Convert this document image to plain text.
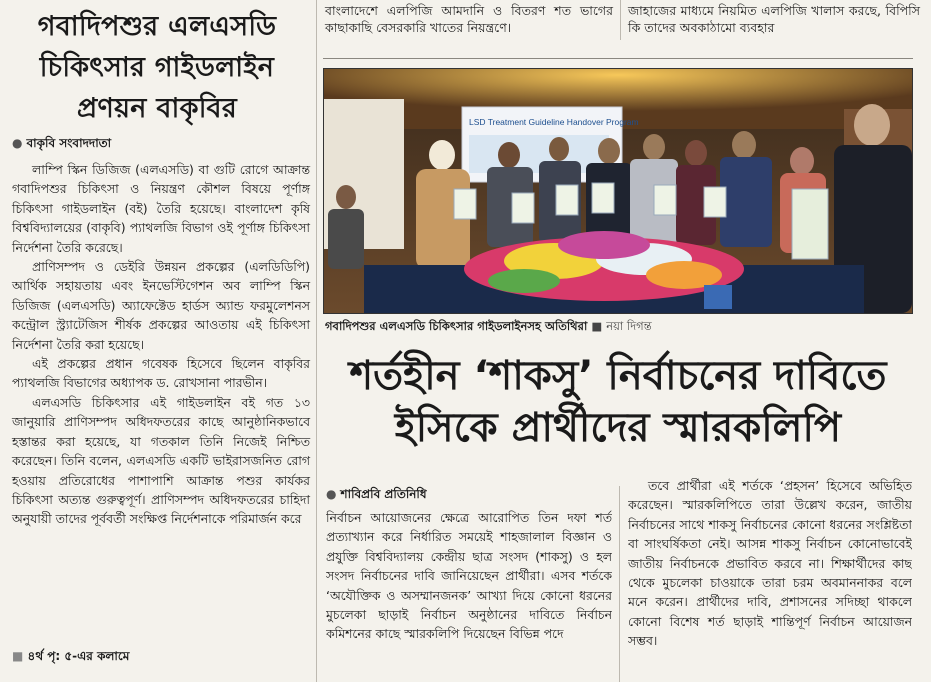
গবাদিপশুর এলএসডি
চিকিৎসার গাইডলাইন
প্রণয়ন বাকৃবির
● বাকৃবি সংবাদদাতা

লাম্পি স্কিন ডিজিজ (এলএসডি) বা গুটি রোগে আক্রান্ত গবাদিপশুর চিকিৎসা ও নিয়ন্ত্রণ কৌশল বিষয়ে পূর্ণাঙ্গ চিকিৎসা গাইডলাইন (বই) তৈরি হয়েছে। বাংলাদেশ কৃষি বিশ্ববিদ্যালয়ের (বাকৃবি) প্যাথলজি বিভাগ ওই পূর্ণাঙ্গ চিকিৎসা নির্দেশনা তৈরি করেছে।

প্রাণিসম্পদ ও ডেইরি উন্নয়ন প্রকল্পের (এলডিডিপি) আর্থিক সহায়তায় এবং ইনভেস্টিগেশন অব লাম্পি স্কিন ডিজিজ (এলএসডি) অ্যাফেক্টেড হার্ডস অ্যান্ড ফরমুলেশনস কন্ট্রোল স্ট্র্যাটেজিস শীর্ষক প্রকল্পের আওতায় এই চিকিৎসা নির্দেশনা তৈরি করা হয়েছে।

এই প্রকল্পের প্রধান গবেষক হিসেবে ছিলেন বাকৃবির প্যাথলজি বিভাগের অধ্যাপক ড. রোখসানা পারভীন।

এলএসডি চিকিৎসার এই গাইডলাইন বই গত ১৩ জানুয়ারি প্রাণিসম্পদ অধিদফতরের কাছে আনুষ্ঠানিকভাবে হস্তান্তর করা হয়েছে, যা গতকাল তিনি নিজেই নিশ্চিত করেছেন। তিনি বলেন, এলএসডি একটি ভাইরাসজনিত রোগ হওয়ায় প্রতিরোধের পাশাপাশি আক্রান্ত পশুর কার্যকর চিকিৎসা অত্যন্ত গুরুত্বপূর্ণ। প্রাণিসম্পদ অধিদফতরের চাহিদা অনুযায়ী তাদের পূর্ববর্তী সংক্ষিপ্ত নির্দেশনাকে পরিমার্জন করে

■ ৪র্থ পৃ: ৫-এর কলামে
বাংলাদেশে এলপিজি আমদানি ও বিতরণ শত ভাগের কাছাকাছি বেসরকারি খাতের নিয়ন্ত্রণে।
জাহাজের মাধ্যমে নিয়মিত এলপিজি খালাস করছে, বিপিসি কি তাদের অবকাঠামো ব্যবহার
LSD Treatment Guideline Handover Program
গবাদিপশুর এলএসডি চিকিৎসার গাইডলাইনসহ অতিথিরা ■ নয়া দিগন্ত
শর্তহীন ‘শাকসু’ নির্বাচনের দাবিতে
ইসিকে প্রার্থীদের স্মারকলিপি
● শাবিপ্রবি প্রতিনিধি

নির্বাচন আয়োজনের ক্ষেত্রে আরোপিত তিন দফা শর্ত প্রত্যাখ্যান করে নির্ধারিত সময়েই শাহজালাল বিজ্ঞান ও প্রযুক্তি বিশ্ববিদ্যালয় কেন্দ্রীয় ছাত্র সংসদ (শাকসু) ও হল সংসদ নির্বাচনের দাবি জানিয়েছেন প্রার্থীরা। এসব শর্তকে ‘অযৌক্তিক ও অসম্মানজনক’ আখ্যা দিয়ে কোনো ধরনের মুচলেকা ছাড়াই নির্বাচন অনুষ্ঠানের দাবিতে নির্বাচন কমিশনের কাছে স্মারকলিপি দিয়েছেন বিভিন্ন পদে

তবে প্রার্থীরা এই শর্তকে ‘প্রহসন’ হিসেবে অভিহিত করেছেন। স্মারকলিপিতে তারা উল্লেখ করেন, জাতীয় নির্বাচনের সাথে শাকসু নির্বাচনের কোনো ধরনের সংশ্লিষ্টতা বা সাংঘর্ষিকতা নেই। আসন্ন শাকসু নির্বাচন কোনোভাবেই জাতীয় নির্বাচনকে প্রভাবিত করবে না। শিক্ষার্থীদের কাছ থেকে মুচলেকা চাওয়াকে তারা চরম অবমাননাকর বলে মনে করেন। প্রার্থীদের দাবি, প্রশাসনের সদিচ্ছা থাকলে কোনো বিশেষ শর্ত ছাড়াই শান্তিপূর্ণ নির্বাচন আয়োজন সম্ভব।
